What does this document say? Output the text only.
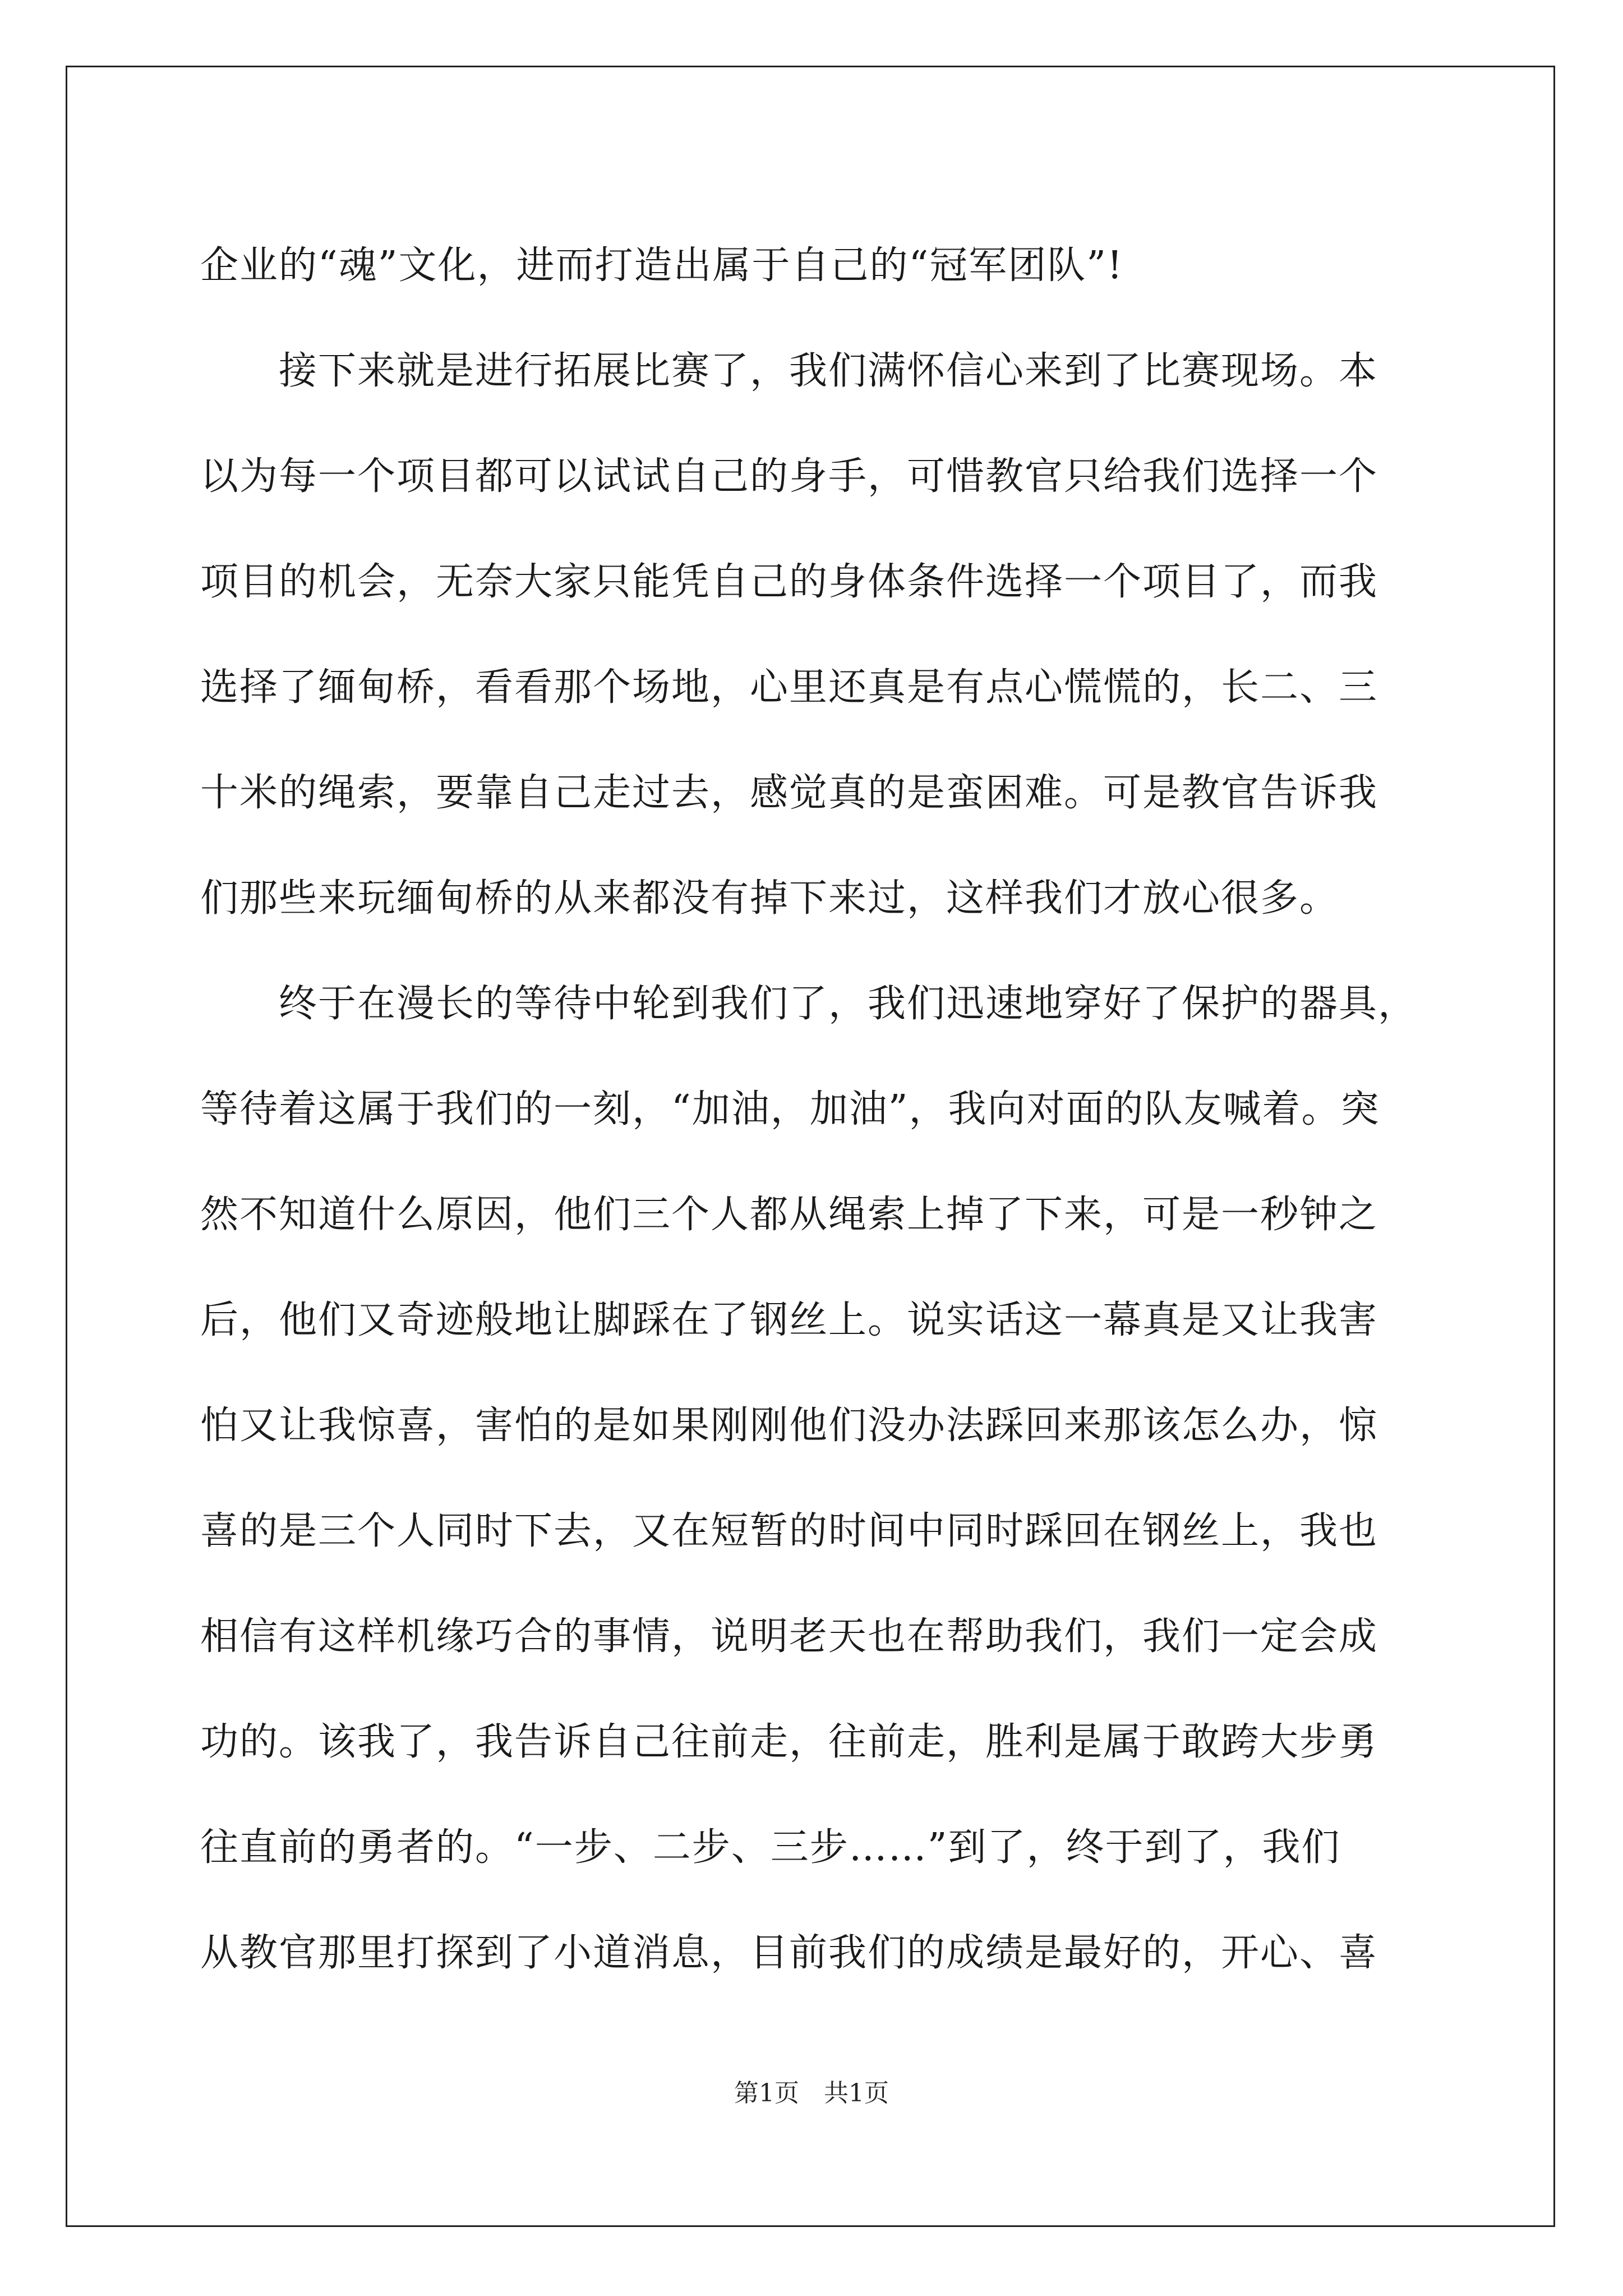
企业的“魂”文化，进而打造出属于自己的“冠军团队”!
接下来就是进行拓展比赛了，我们满怀信心来到了比赛现场。本
以为每一个项目都可以试试自己的身手，可惜教官只给我们选择一个
项目的机会，无奈大家只能凭自己的身体条件选择一个项目了，而我
选择了缅甸桥，看看那个场地，心里还真是有点心慌慌的，长二、三
十米的绳索，要靠自己走过去，感觉真的是蛮困难。可是教官告诉我
们那些来玩缅甸桥的从来都没有掉下来过，这样我们才放心很多。
终于在漫长的等待中轮到我们了，我们迅速地穿好了保护的器具，
等待着这属于我们的一刻，“加油，加油”，我向对面的队友喊着。突
然不知道什么原因，他们三个人都从绳索上掉了下来，可是一秒钟之
后，他们又奇迹般地让脚踩在了钢丝上。说实话这一幕真是又让我害
怕又让我惊喜，害怕的是如果刚刚他们没办法踩回来那该怎么办，惊
喜的是三个人同时下去，又在短暂的时间中同时踩回在钢丝上，我也
相信有这样机缘巧合的事情，说明老天也在帮助我们，我们一定会成
功的。该我了，我告诉自己往前走，往前走，胜利是属于敢跨大步勇
往直前的勇者的。“一步、二步、三步……”到了，终于到了，我们
从教官那里打探到了小道消息，目前我们的成绩是最好的，开心、喜
第1页　共1页
